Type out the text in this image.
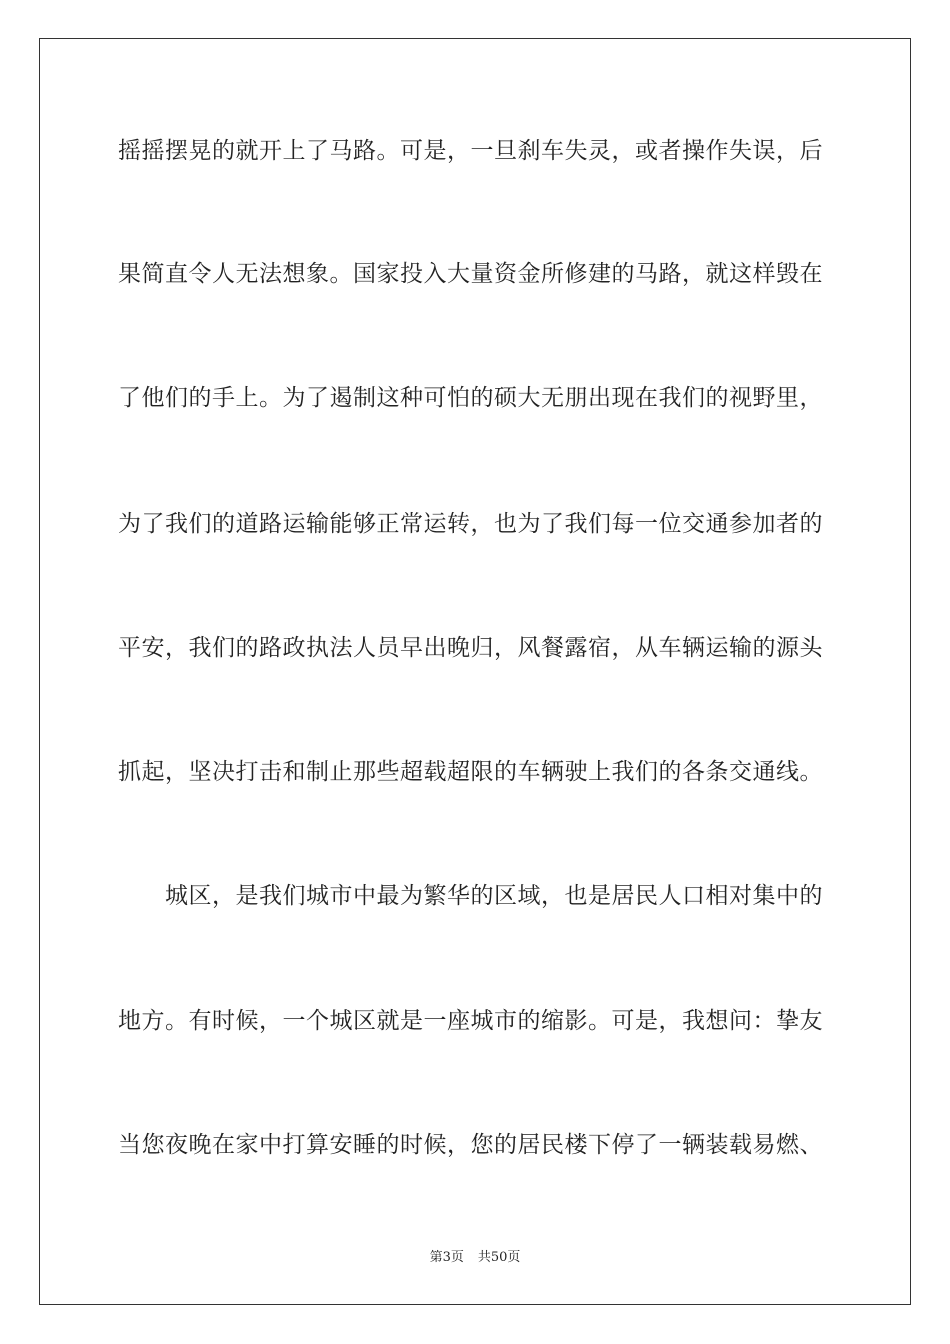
摇摇摆晃的就开上了马路。可是，一旦刹车失灵，或者操作失误，后
果简直令人无法想象。国家投入大量资金所修建的马路，就这样毁在
了他们的手上。为了遏制这种可怕的硕大无朋出现在我们的视野里，
为了我们的道路运输能够正常运转，也为了我们每一位交通参加者的
平安，我们的路政执法人员早出晚归，风餐露宿，从车辆运输的源头
抓起，坚决打击和制止那些超载超限的车辆驶上我们的各条交通线。
　　城区，是我们城市中最为繁华的区域，也是居民人口相对集中的
地方。有时候，一个城区就是一座城市的缩影。可是，我想问：挚友
当您夜晚在家中打算安睡的时候，您的居民楼下停了一辆装载易燃、
第3页 共50页
